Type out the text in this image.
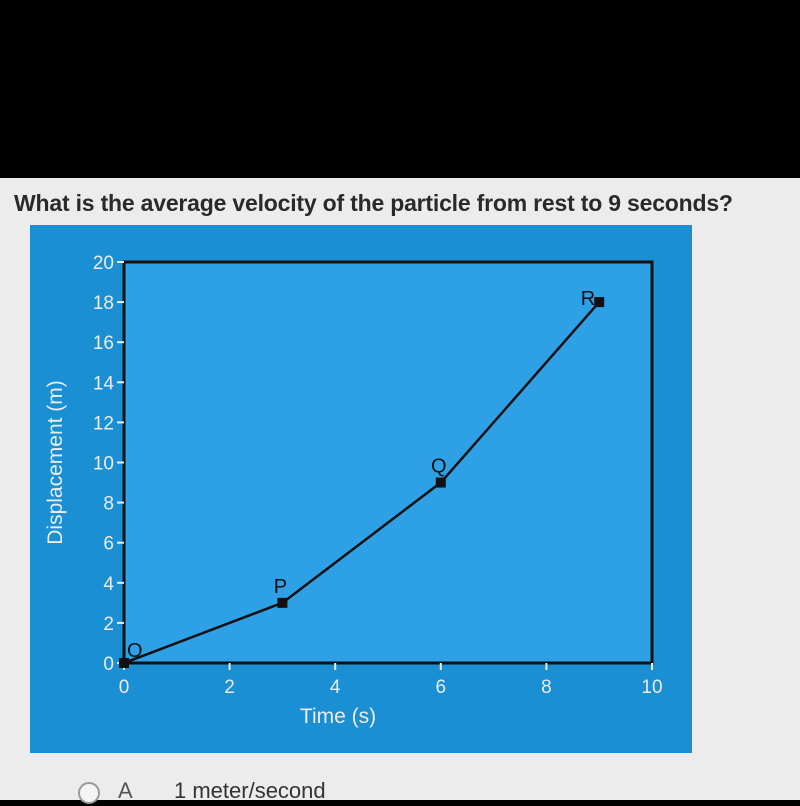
What is the average velocity of the particle from rest to 9 seconds?
0
2
4
6
8
10
12
14
16
18
20
0	2	4	6	8	10
Time (s)
Displacement (m)
O
P
Q
R
A 1 meter/second
